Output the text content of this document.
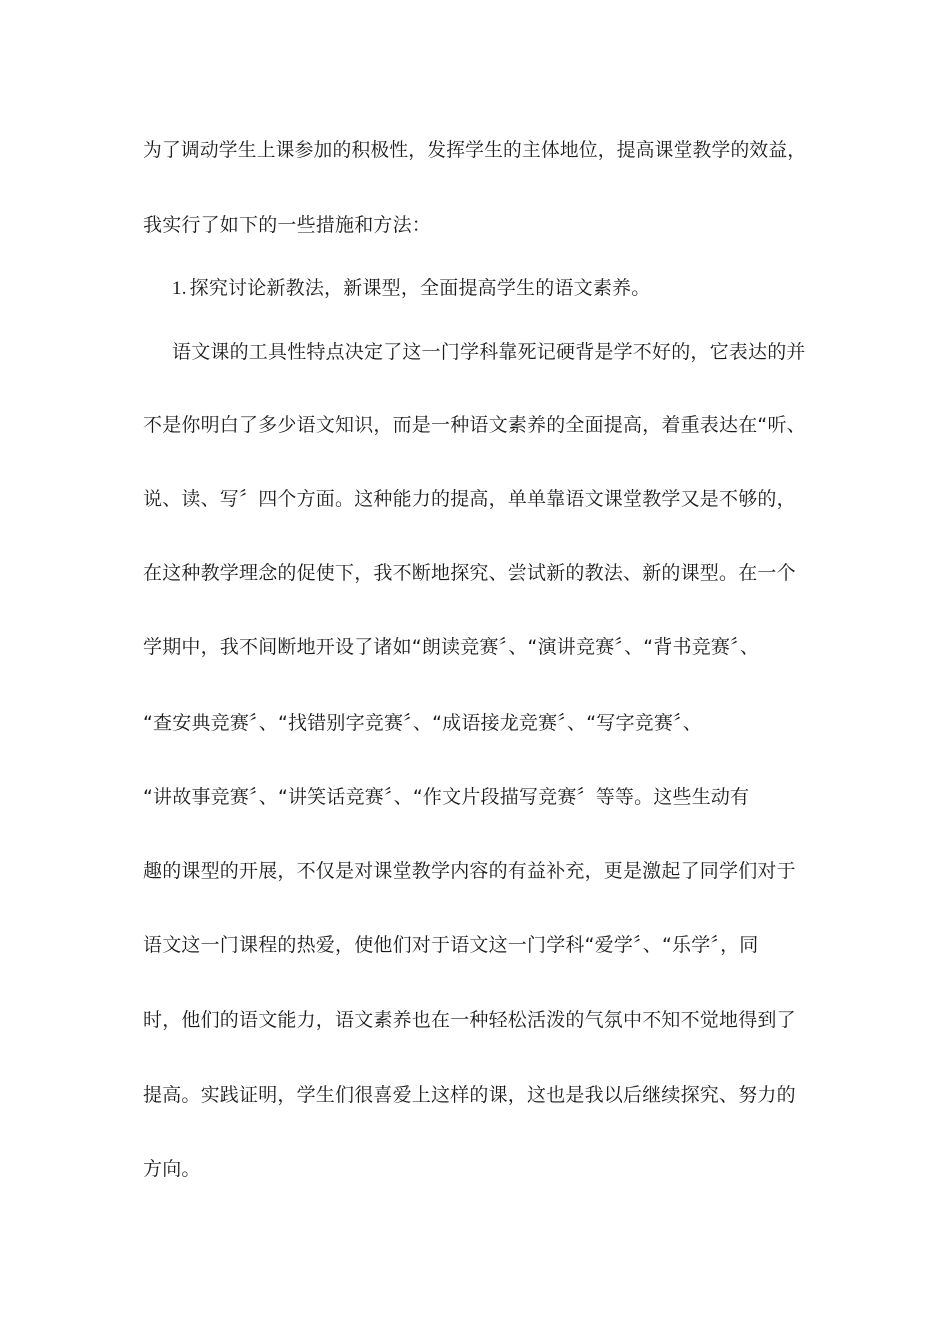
为了调动学生上课参加的积极性，发挥学生的主体地位，提高课堂教学的效益，
我实行了如下的一些措施和方法：
1. 探究讨论新教法，新课型，全面提高学生的语文素养。
语文课的工具性特点决定了这一门学科靠死记硬背是学不好的，它表达的并
不是你明白了多少语文知识，而是一种语文素养的全面提高，着重表达在“听、
说、读、写〞四个方面。这种能力的提高，单单靠语文课堂教学又是不够的，
在这种教学理念的促使下，我不断地探究、尝试新的教法、新的课型。在一个
学期中，我不间断地开设了诸如“朗读竞赛〞、“演讲竞赛〞、“背书竞赛〞、
“查安典竞赛〞、“找错别字竞赛〞、“成语接龙竞赛〞、“写字竞赛〞、
“讲故事竞赛〞、“讲笑话竞赛〞、“作文片段描写竞赛〞等等。这些生动有
趣的课型的开展，不仅是对课堂教学内容的有益补充，更是激起了同学们对于
语文这一门课程的热爱，使他们对于语文这一门学科“爱学〞、“乐学〞，同
时，他们的语文能力，语文素养也在一种轻松活泼的气氛中不知不觉地得到了
提高。实践证明，学生们很喜爱上这样的课，这也是我以后继续探究、努力的
方向。
